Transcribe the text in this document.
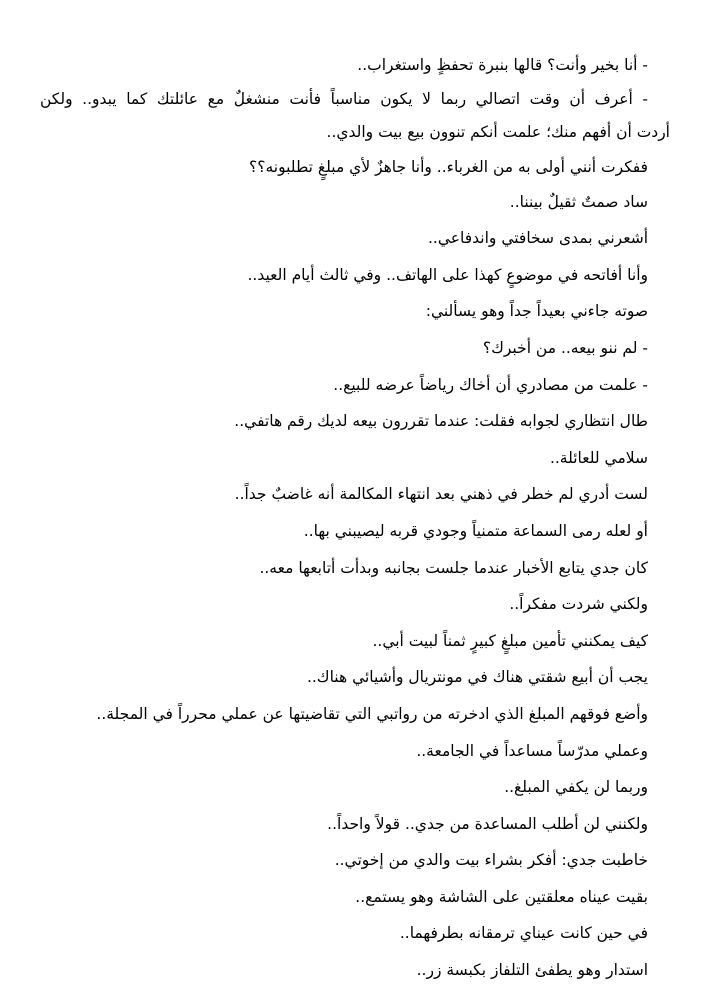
- أنا بخير وأنت؟ قالها بنبرة تحفظٍ واستغراب..

- أعرف أن وقت اتصالي ربما لا يكون مناسباً فأنت منشغلٌ مع عائلتك كما يبدو.. ولكن

أردت أن أفهم منك؛ علمت أنكم تنوون بيع بيت والدي..

ففكرت أنني أولى به من الغرباء.. وأنا جاهزٌ لأي مبلغٍ تطلبونه؟؟

ساد صمتٌ ثقيلٌ بيننا..

أشعرني بمدى سخافتي واندفاعي..

وأنا أفاتحه في موضوعٍ كهذا على الهاتف.. وفي ثالث أيام العيد..

صوته جاءني بعيداً جداً وهو يسألني:

- لم ننو بيعه.. من أخبرك؟

- علمت من مصادري أن أخاك رياضاً عرضه للبيع..

طال انتظاري لجوابه فقلت: عندما تقررون بيعه لديك رقم هاتفي..

سلامي للعائلة..

لست أدري لم خطر في ذهني بعد انتهاء المكالمة أنه غاضبٌ جداً..

أو لعله رمى السماعة متمنياً وجودي قربه ليصيبني بها..

كان جدي يتابع الأخبار عندما جلست بجانبه وبدأت أتابعها معه..

ولكني شردت مفكراً..

كيف يمكنني تأمين مبلغٍ كبيرٍ ثمناً لبيت أبي..

يجب أن أبيع شقتي هناك في مونتريال وأشيائي هناك..

وأضع فوقهم المبلغ الذي ادخرته من رواتبي التي تقاضيتها عن عملي محرراً في المجلة..

وعملي مدرّساً مساعداً في الجامعة..

وربما لن يكفي المبلغ..

ولكنني لن أطلب المساعدة من جدي.. قولاً واحداً..

خاطبت جدي: أفكر بشراء بيت والدي من إخوتي..

بقيت عيناه معلقتين على الشاشة وهو يستمع..

في حين كانت عيناي ترمقانه بطرفهما..

استدار وهو يطفئ التلفاز بكبسة زر..
